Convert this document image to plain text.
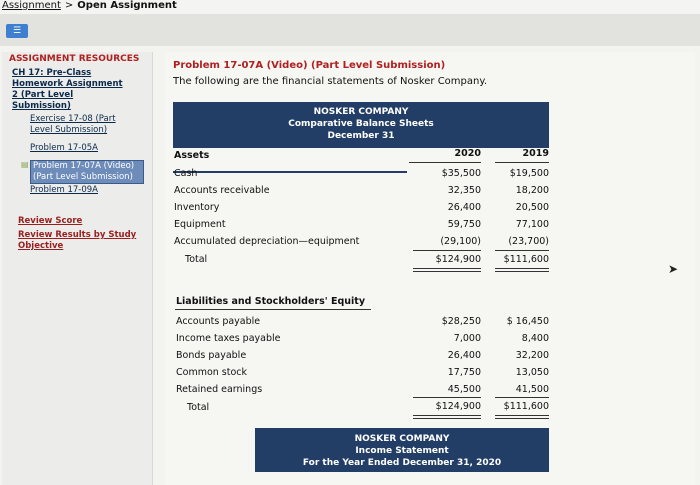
Assignment > Open Assignment
☰
ASSIGNMENT RESOURCES
CH 17: Pre-Class
Homework Assignment
2 (Part Level
Submission)
Exercise 17-08 (Part
Level Submission)
Problem 17-05A
▤ Problem 17-07A (Video)
(Part Level Submission)
Problem 17-09A
Review Score
Review Results by Study
Objective
Problem 17-07A (Video) (Part Level Submission)
The following are the financial statements of Nosker Company.
NOSKER COMPANY
Comparative Balance Sheets
December 31
Assets	2020	2019
Cash	$35,500	$19,500
Accounts receivable	32,350	18,200
Inventory	26,400	20,500
Equipment	59,750	77,100
Accumulated depreciation—equipment	(29,100)	(23,700)
Total	$124,900	$111,600
Liabilities and Stockholders' Equity
Accounts payable	$28,250	$ 16,450
Income taxes payable	7,000	8,400
Bonds payable	26,400	32,200
Common stock	17,750	13,050
Retained earnings	45,500	41,500
Total	$124,900	$111,600
NOSKER COMPANY
Income Statement
For the Year Ended December 31, 2020
➤
